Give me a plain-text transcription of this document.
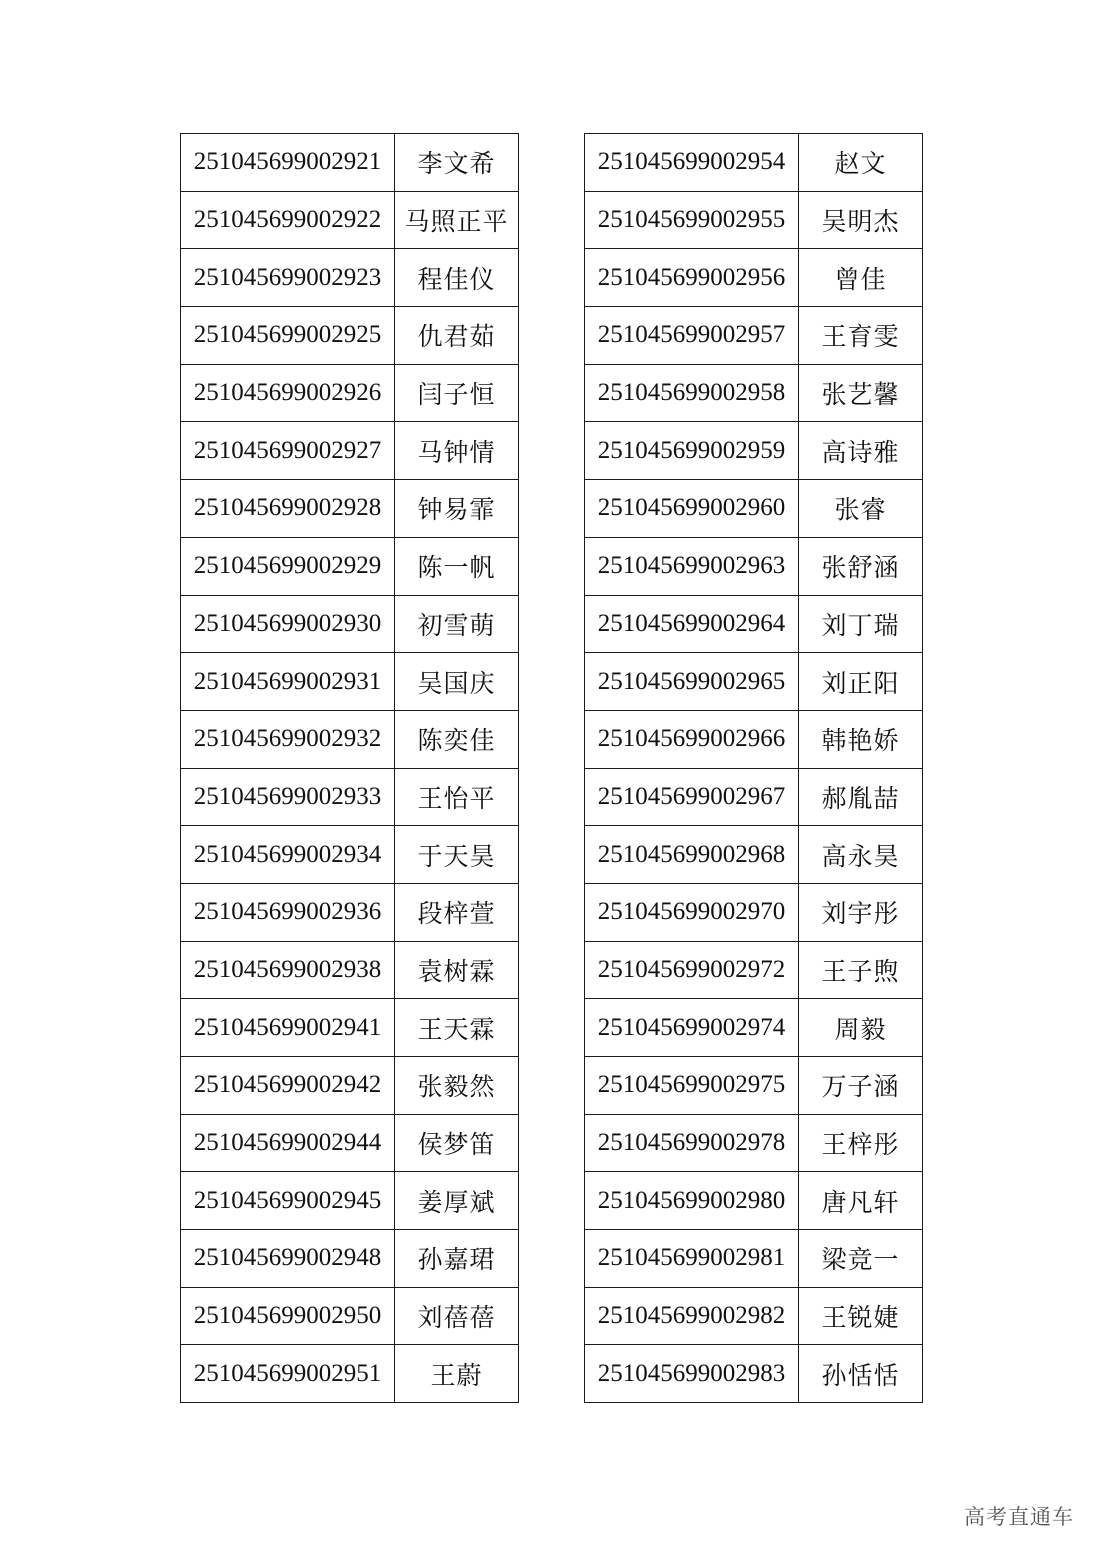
251045699002921	李文希
251045699002922	马照正平
251045699002923	程佳仪
251045699002925	仇君茹
251045699002926	闫子恒
251045699002927	马钟情
251045699002928	钟易霏
251045699002929	陈一帆
251045699002930	初雪萌
251045699002931	吴国庆
251045699002932	陈奕佳
251045699002933	王怡平
251045699002934	于天昊
251045699002936	段梓萱
251045699002938	袁树霖
251045699002941	王天霖
251045699002942	张毅然
251045699002944	侯梦笛
251045699002945	姜厚斌
251045699002948	孙嘉珺
251045699002950	刘蓓蓓
251045699002951	王蔚
251045699002954	赵文
251045699002955	吴明杰
251045699002956	曾佳
251045699002957	王育雯
251045699002958	张艺馨
251045699002959	高诗雅
251045699002960	张睿
251045699002963	张舒涵
251045699002964	刘丁瑞
251045699002965	刘正阳
251045699002966	韩艳娇
251045699002967	郝胤喆
251045699002968	高永昊
251045699002970	刘宇彤
251045699002972	王子煦
251045699002974	周毅
251045699002975	万子涵
251045699002978	王梓彤
251045699002980	唐凡轩
251045699002981	梁竞一
251045699002982	王锐婕
251045699002983	孙恬恬
高考直通车
